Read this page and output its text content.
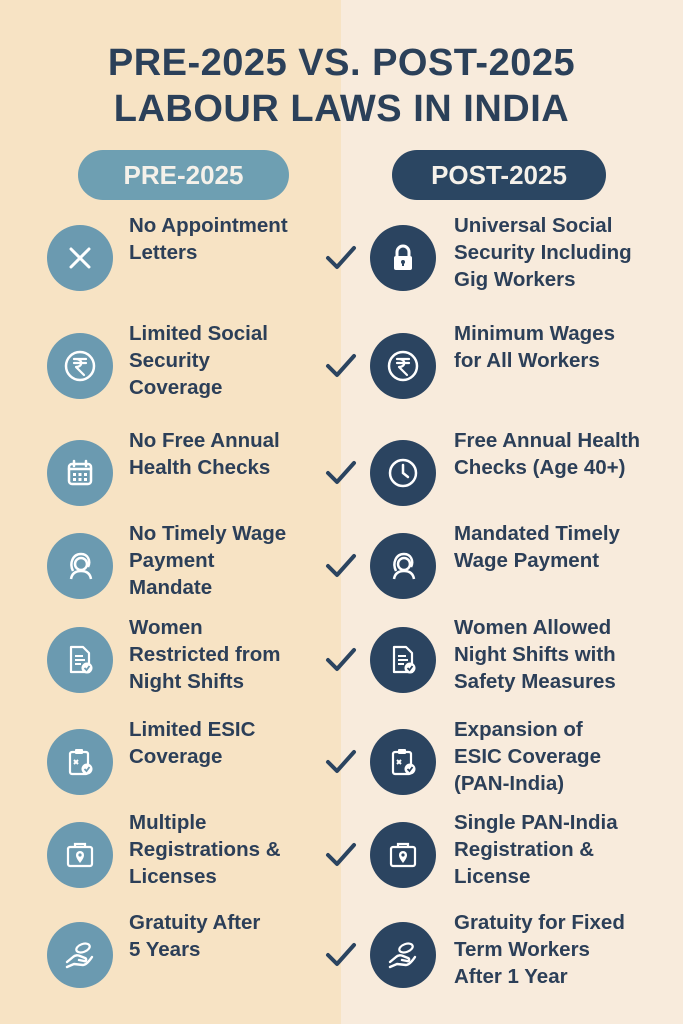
PRE-2025 VS. POST-2025
LABOUR LAWS IN INDIA
PRE-2025	POST-2025

No Appointment
Letters

Universal Social
Security Including
Gig Workers

Limited Social
Security
Coverage

Minimum Wages
for All Workers

No Free Annual
Health Checks

Free Annual Health
Checks (Age 40+)

No Timely Wage
Payment
Mandate

Mandated Timely
Wage Payment

Women
Restricted from
Night Shifts

Women Allowed
Night Shifts with
Safety Measures

Limited ESIC
Coverage

Expansion of
ESIC Coverage
(PAN-India)

Multiple
Registrations &
Licenses

Single PAN-India
Registration &
License

Gratuity After
5 Years

Gratuity for Fixed
Term Workers
After 1 Year
